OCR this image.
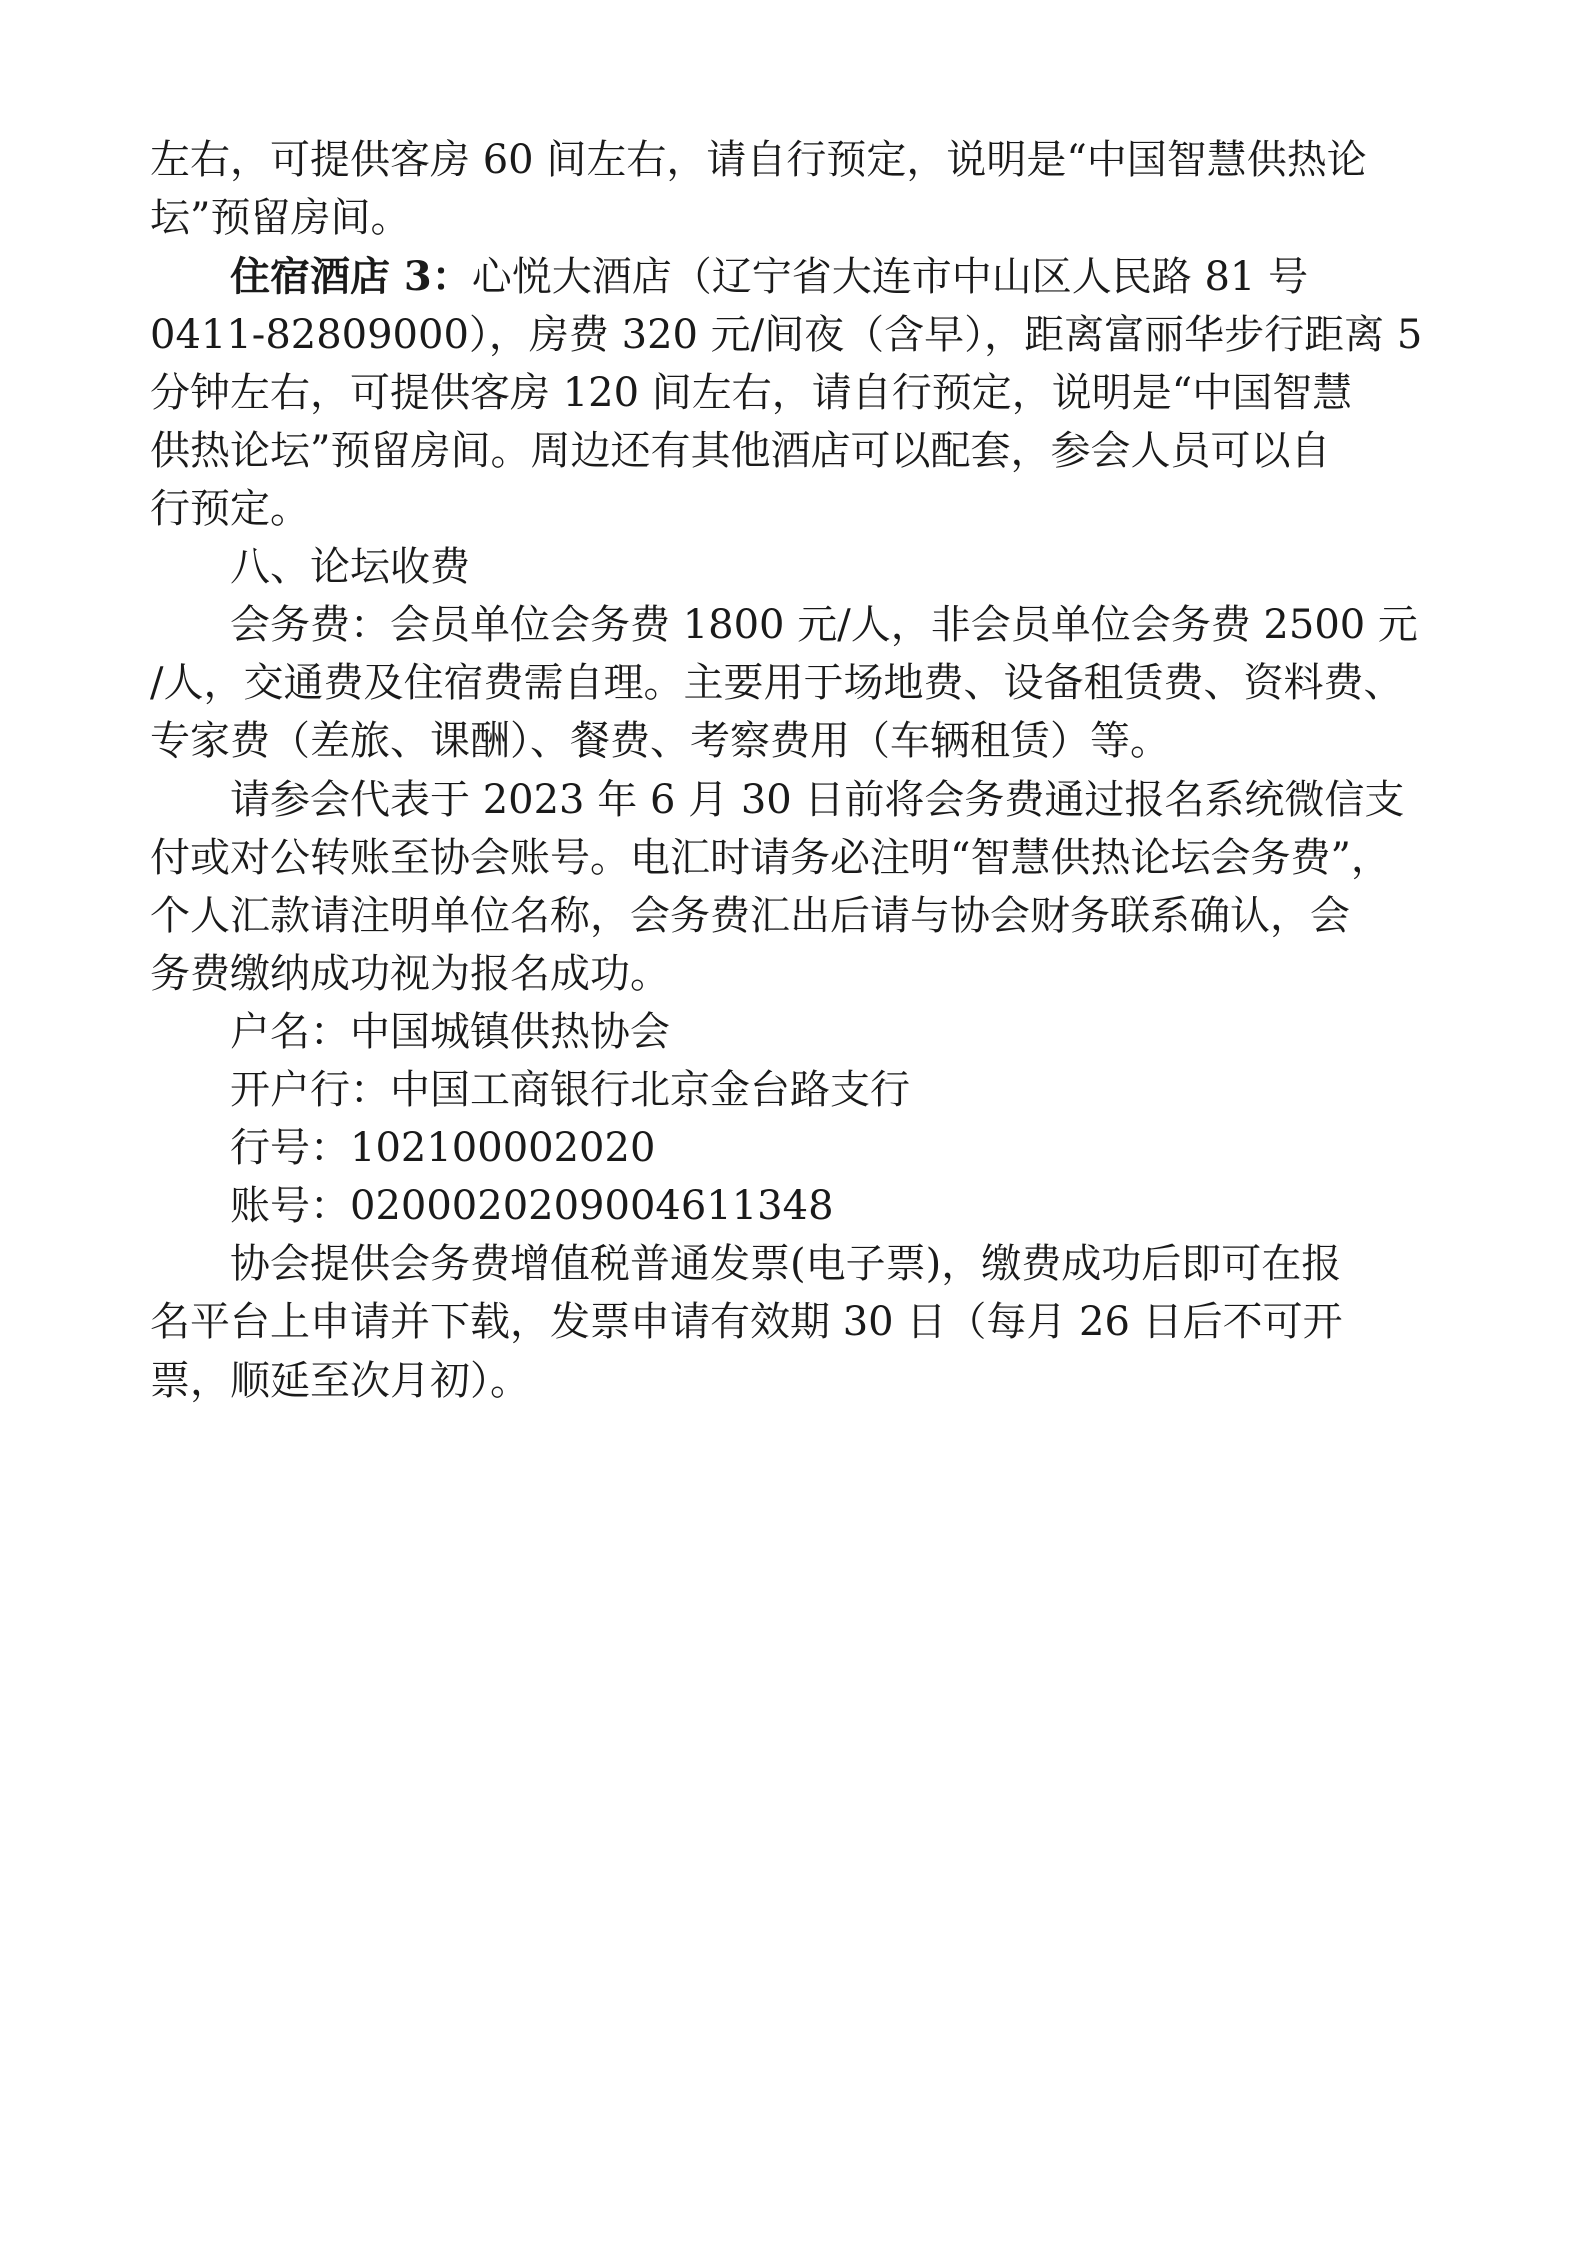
左右，可提供客房 60 间左右，请自行预定，说明是“中国智慧供热论
坛”预留房间。
住宿酒店 3：心悦大酒店（辽宁省大连市中山区人民路 81 号
0411-82809000），房费 320 元/间夜（含早），距离富丽华步行距离 5
分钟左右，可提供客房 120 间左右，请自行预定，说明是“中国智慧
供热论坛”预留房间。周边还有其他酒店可以配套，参会人员可以自
行预定。
八、论坛收费
会务费：会员单位会务费 1800 元/人，非会员单位会务费 2500 元
/人，交通费及住宿费需自理。主要用于场地费、设备租赁费、资料费、
专家费（差旅、课酬）、餐费、考察费用（车辆租赁）等。
请参会代表于 2023 年 6 月 30 日前将会务费通过报名系统微信支
付或对公转账至协会账号。电汇时请务必注明“智慧供热论坛会务费”，
个人汇款请注明单位名称，会务费汇出后请与协会财务联系确认，会
务费缴纳成功视为报名成功。
户名：中国城镇供热协会
开户行：中国工商银行北京金台路支行
行号：102100002020
账号：0200020209004611348
协会提供会务费增值税普通发票(电子票)，缴费成功后即可在报
名平台上申请并下载，发票申请有效期 30 日（每月 26 日后不可开
票，顺延至次月初）。
